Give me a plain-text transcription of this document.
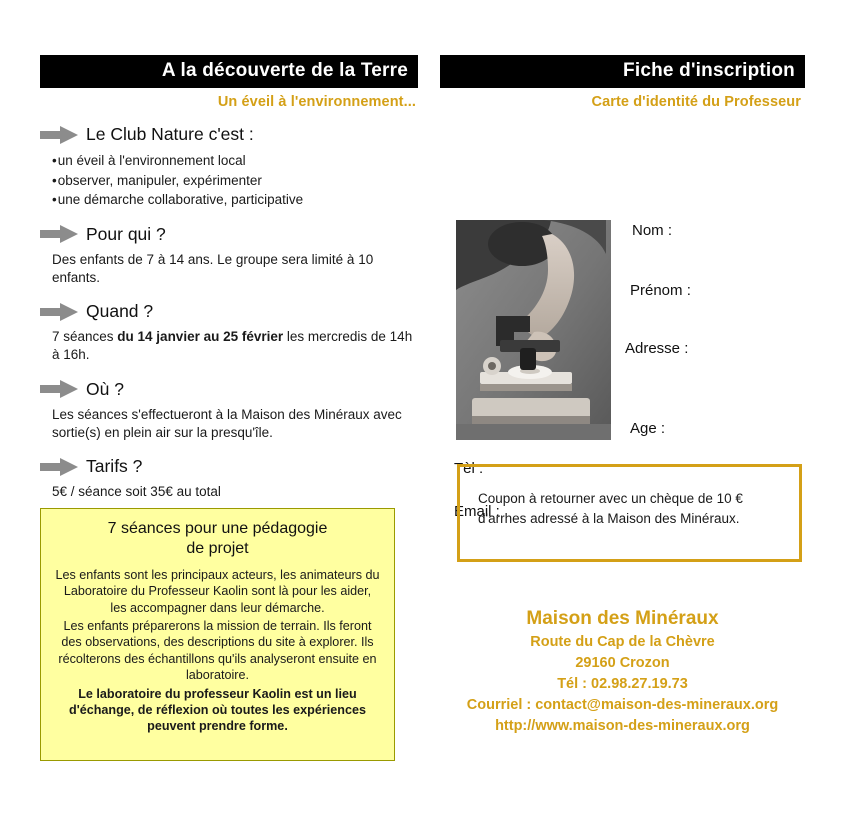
A la découverte de la Terre
Un éveil à l'environnement...
Le Club Nature c'est :
• un éveil à l'environnement local
• observer, manipuler, expérimenter
• une démarche collaborative, participative
Pour qui ?
Des enfants de 7 à 14 ans. Le groupe sera limité à 10 enfants.
Quand ?
7 séances du 14 janvier au 25 février les mercredis de 14h à 16h.
Où ?
Les séances s'effectueront à la Maison des Minéraux avec sortie(s) en plein air sur la presqu'île.
Tarifs ?
5€ / séance soit 35€ au total
7 séances pour une pédagogie
de projet
Les enfants sont les principaux acteurs, les animateurs du Laboratoire du Professeur Kaolin sont là pour les aider, les accompagner dans leur démarche.
Les enfants préparerons la mission de terrain. Ils feront des observations, des descriptions du site à explorer. Ils récolterons des échantillons qu'ils analyseront ensuite en laboratoire.
Le laboratoire du professeur Kaolin est un lieu d'échange, de réflexion où toutes les expériences peuvent prendre forme.
Fiche d'inscription
Carte d'identité du Professeur
Nom :
Prénom :
Adresse :
Age :
Tèl :
Email :
Coupon à retourner avec un chèque de 10 €
d'arrhes adressé à la Maison des Minéraux.
Maison des Minéraux
Route du Cap de la Chèvre
29160 Crozon
Tél : 02.98.27.19.73
Courriel : contact@maison-des-mineraux.org
http://www.maison-des-mineraux.org
